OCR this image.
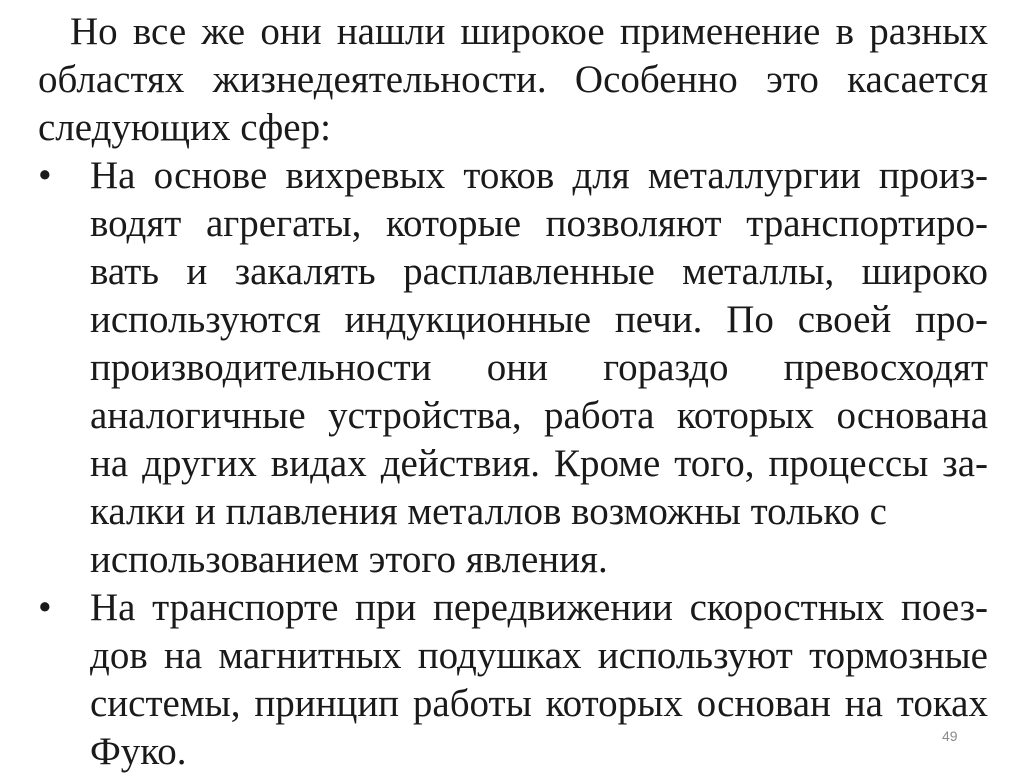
Но все же они нашли широкое применение в разных
областях жизнедеятельности. Особенно это касается
следующих сфер:
• На основе вихревых токов для металлургии произ-
водят агрегаты, которые позволяют транспортиро-
вать и закалять расплавленные металлы, широко
используются индукционные печи. По своей про-
производительности они гораздо превосходят
аналогичные устройства, работа которых основана
на других видах действия. Кроме того, процессы за-
калки и плавления металлов возможны только с
использованием этого явления.
• На транспорте при передвижении скоростных поез-
дов на магнитных подушках используют тормозные
системы, принцип работы которых основан на токах
Фуко.	49
